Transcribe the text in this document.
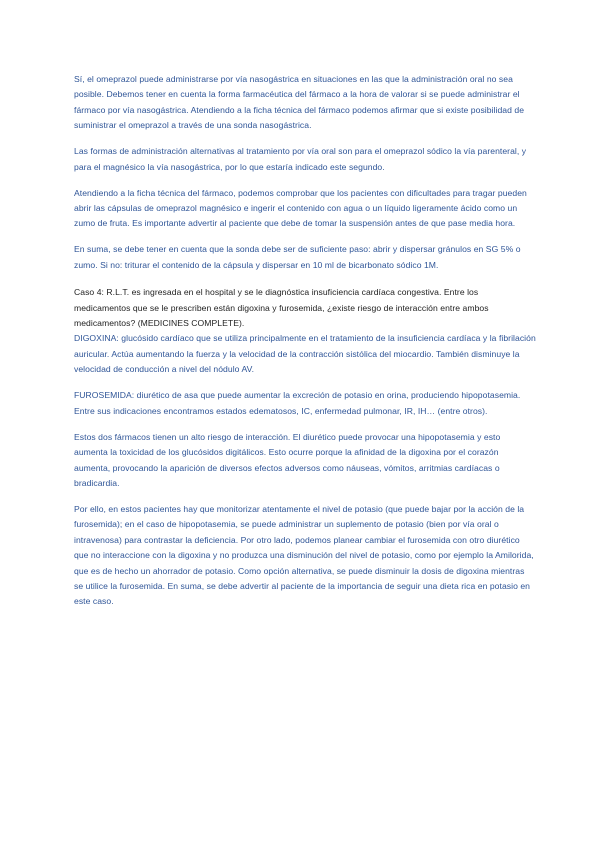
Sí, el omeprazol puede administrarse por vía nasogástrica en situaciones en las que la administración oral no sea posible. Debemos tener en cuenta la forma farmacéutica del fármaco a la hora de valorar si se puede administrar el fármaco por vía nasogástrica. Atendiendo a la ficha técnica del fármaco podemos afirmar que si existe posibilidad de suministrar el omeprazol a través de una sonda nasogástrica.

Las formas de administración alternativas al tratamiento por vía oral son para el omeprazol sódico la vía parenteral, y para el magnésico la vía nasogástrica, por lo que estaría indicado este segundo.

Atendiendo a la ficha técnica del fármaco, podemos comprobar que los pacientes con dificultades para tragar pueden abrir las cápsulas de omeprazol magnésico e ingerir el contenido con agua o un líquido ligeramente ácido como un zumo de fruta. Es importante advertir al paciente que debe de tomar la suspensión antes de que pase media hora.

En suma, se debe tener en cuenta que la sonda debe ser de suficiente paso: abrir y dispersar gránulos en SG 5% o zumo. Si no: triturar el contenido de la cápsula y dispersar en 10 ml de bicarbonato sódico 1M.

Caso 4: R.L.T. es ingresada en el hospital y se le diagnóstica insuficiencia cardíaca congestiva. Entre los medicamentos que se le prescriben están digoxina y furosemida, ¿existe riesgo de interacción entre ambos medicamentos? (MEDICINES COMPLETE).

DIGOXINA: glucósido cardíaco que se utiliza principalmente en el tratamiento de la insuficiencia cardíaca y la fibrilación auricular. Actúa aumentando la fuerza y la velocidad de la contracción sistólica del miocardio. También disminuye la velocidad de conducción a nivel del nódulo AV.

FUROSEMIDA: diurético de asa que puede aumentar la excreción de potasio en orina, produciendo hipopotasemia. Entre sus indicaciones encontramos estados edematosos, IC, enfermedad pulmonar, IR, IH… (entre otros).

Estos dos fármacos tienen un alto riesgo de interacción. El diurético puede provocar una hipopotasemia y esto aumenta la toxicidad de los glucósidos digitálicos. Esto ocurre porque la afinidad de la digoxina por el corazón aumenta, provocando la aparición de diversos efectos adversos como náuseas, vómitos, arritmias cardíacas o bradicardia.

Por ello, en estos pacientes hay que monitorizar atentamente el nivel de potasio (que puede bajar por la acción de la furosemida); en el caso de hipopotasemia, se puede administrar un suplemento de potasio (bien por vía oral o intravenosa) para contrastar la deficiencia. Por otro lado, podemos planear cambiar el furosemida con otro diurético que no interaccione con la digoxina y no produzca una disminución del nivel de potasio, como por ejemplo la Amilorida, que es de hecho un ahorrador de potasio. Como opción alternativa, se puede disminuir la dosis de digoxina mientras se utilice la furosemida. En suma, se debe advertir al paciente de la importancia de seguir una dieta rica en potasio en este caso.
